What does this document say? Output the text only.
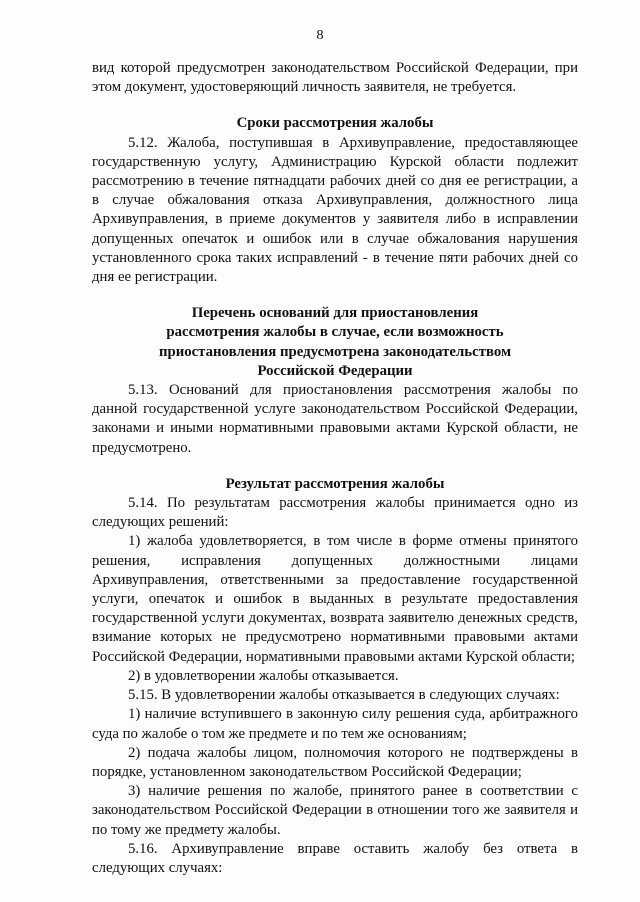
8

вид которой предусмотрен законодательством Российской Федерации, при этом документ, удостоверяющий личность заявителя, не требуется.

Сроки рассмотрения жалобы

5.12. Жалоба, поступившая в Архивуправление, предоставляющее государственную услугу, Администрацию Курской области подлежит рассмотрению в течение пятнадцати рабочих дней со дня ее регистрации, а в случае обжалования отказа Архивуправления, должностного лица Архивуправления, в приеме документов у заявителя либо в исправлении допущенных опечаток и ошибок или в случае обжалования нарушения установленного срока таких исправлений - в течение пяти рабочих дней со дня ее регистрации.

Перечень оснований для приостановления
рассмотрения жалобы в случае, если возможность
приостановления предусмотрена законодательством
Российской Федерации

5.13. Оснований для приостановления рассмотрения жалобы по данной государственной услуге законодательством Российской Федерации, законами и иными нормативными правовыми актами Курской области, не предусмотрено.

Результат рассмотрения жалобы

5.14. По результатам рассмотрения жалобы принимается одно из следующих решений:

1) жалоба удовлетворяется, в том числе в форме отмены принятого решения, исправления допущенных должностными лицами Архивуправления, ответственными за предоставление государственной услуги, опечаток и ошибок в выданных в результате предоставления государственной услуги документах, возврата заявителю денежных средств, взимание которых не предусмотрено нормативными правовыми актами Российской Федерации, нормативными правовыми актами Курской области;

2) в удовлетворении жалобы отказывается.

5.15. В удовлетворении жалобы отказывается в следующих случаях:

1) наличие вступившего в законную силу решения суда, арбитражного суда по жалобе о том же предмете и по тем же основаниям;

2) подача жалобы лицом, полномочия которого не подтверждены в порядке, установленном законодательством Российской Федерации;

3) наличие решения по жалобе, принятого ранее в соответствии с законодательством Российской Федерации в отношении того же заявителя и по тому же предмету жалобы.

5.16. Архивуправление вправе оставить жалобу без ответа в следующих случаях:
